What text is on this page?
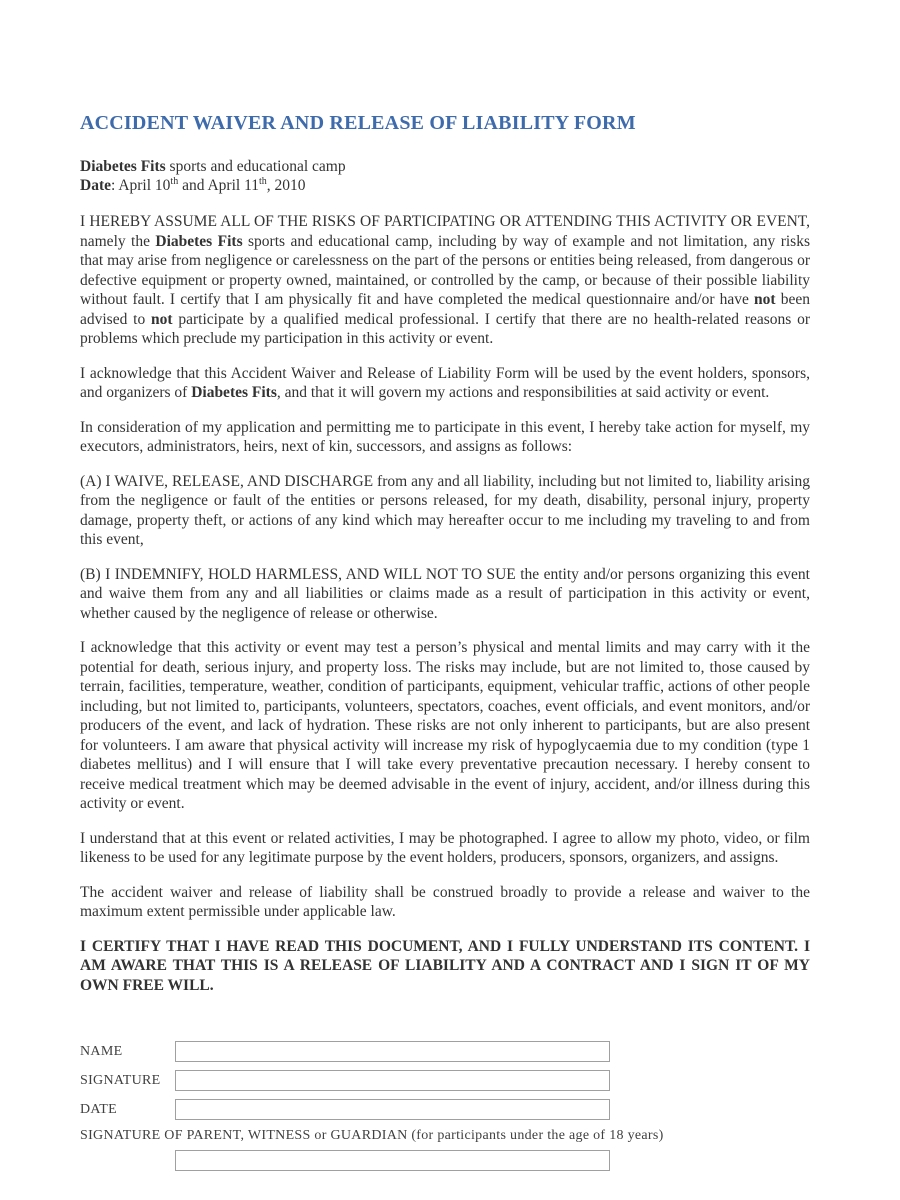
ACCIDENT WAIVER AND RELEASE OF LIABILITY FORM

Diabetes Fits sports and educational camp

Date: April 10th and April 11th, 2010

I HEREBY ASSUME ALL OF THE RISKS OF PARTICIPATING OR ATTENDING THIS ACTIVITY OR EVENT, namely the Diabetes Fits sports and educational camp, including by way of example and not limitation, any risks that may arise from negligence or carelessness on the part of the persons or entities being released, from dangerous or defective equipment or property owned, maintained, or controlled by the camp, or because of their possible liability without fault. I certify that I am physically fit and have completed the medical questionnaire and/or have not been advised to not participate by a qualified medical professional. I certify that there are no health-related reasons or problems which preclude my participation in this activity or event.

I acknowledge that this Accident Waiver and Release of Liability Form will be used by the event holders, sponsors, and organizers of Diabetes Fits, and that it will govern my actions and responsibilities at said activity or event.

In consideration of my application and permitting me to participate in this event, I hereby take action for myself, my executors, administrators, heirs, next of kin, successors, and assigns as follows:

(A) I WAIVE, RELEASE, AND DISCHARGE from any and all liability, including but not limited to, liability arising from the negligence or fault of the entities or persons released, for my death, disability, personal injury, property damage, property theft, or actions of any kind which may hereafter occur to me including my traveling to and from this event,

(B) I INDEMNIFY, HOLD HARMLESS, AND WILL NOT TO SUE the entity and/or persons organizing this event and waive them from any and all liabilities or claims made as a result of participation in this activity or event, whether caused by the negligence of release or otherwise.

I acknowledge that this activity or event may test a person’s physical and mental limits and may carry with it the potential for death, serious injury, and property loss. The risks may include, but are not limited to, those caused by terrain, facilities, temperature, weather, condition of participants, equipment, vehicular traffic, actions of other people including, but not limited to, participants, volunteers, spectators, coaches, event officials, and event monitors, and/or producers of the event, and lack of hydration. These risks are not only inherent to participants, but are also present for volunteers. I am aware that physical activity will increase my risk of hypoglycaemia due to my condition (type 1 diabetes mellitus) and I will ensure that I will take every preventative precaution necessary. I hereby consent to receive medical treatment which may be deemed advisable in the event of injury, accident, and/or illness during this activity or event.

I understand that at this event or related activities, I may be photographed. I agree to allow my photo, video, or film likeness to be used for any legitimate purpose by the event holders, producers, sponsors, organizers, and assigns.

The accident waiver and release of liability shall be construed broadly to provide a release and waiver to the maximum extent permissible under applicable law.

I CERTIFY THAT I HAVE READ THIS DOCUMENT, AND I FULLY UNDERSTAND ITS CONTENT. I AM AWARE THAT THIS IS A RELEASE OF LIABILITY AND A CONTRACT AND I SIGN IT OF MY OWN FREE WILL.

NAME
SIGNATURE
DATE
SIGNATURE OF PARENT, WITNESS or GUARDIAN (for participants under the age of 18 years)
